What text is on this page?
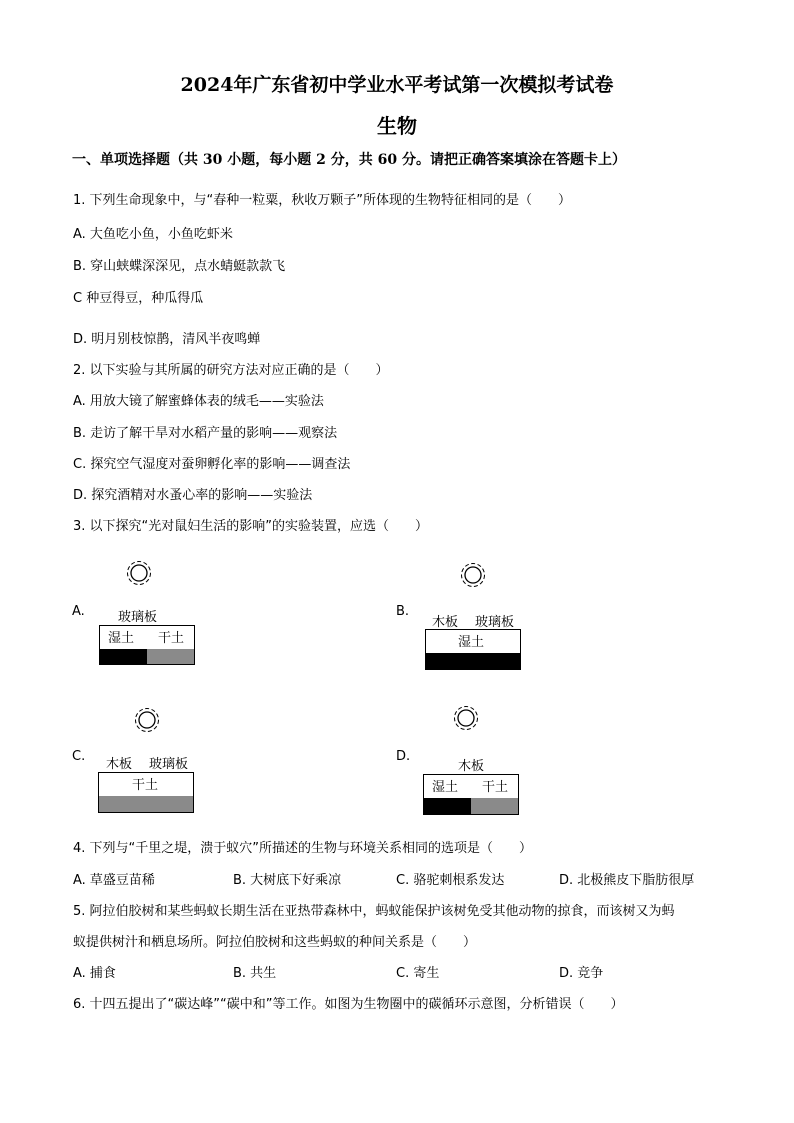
2024年广东省初中学业水平考试第一次模拟考试卷
生物
一、单项选择题（共 30 小题，每小题 2 分，共 60 分。请把正确答案填涂在答题卡上）
1. 下列生命现象中，与“春种一粒粟，秋收万颗子”所体现的生物特征相同的是（　　）
A. 大鱼吃小鱼，小鱼吃虾米
B. 穿山蛱蝶深深见，点水蜻蜓款款飞
C 种豆得豆，种瓜得瓜
D. 明月别枝惊鹊，清风半夜鸣蝉
2. 以下实验与其所属的研究方法对应正确的是（　　）
A. 用放大镜了解蜜蜂体表的绒毛——实验法
B. 走访了解干旱对水稻产量的影响——观察法
C. 探究空气湿度对蚕卵孵化率的影响——调查法
D. 探究酒精对水蚤心率的影响——实验法
3. 以下探究“光对鼠妇生活的影响”的实验装置，应选（　　）
A.	玻璃板
湿土 干土
B.
木板 玻璃板
湿土
C.
木板 玻璃板
干土
D.
木板
湿土 干土
4. 下列与“千里之堤，溃于蚁穴”所描述的生物与环境关系相同的选项是（　　）
A. 草盛豆苗稀	B. 大树底下好乘凉	C. 骆驼刺根系发达	D. 北极熊皮下脂肪很厚
5. 阿拉伯胶树和某些蚂蚁长期生活在亚热带森林中，蚂蚁能保护该树免受其他动物的掠食，而该树又为蚂
蚁提供树汁和栖息场所。阿拉伯胶树和这些蚂蚁的种间关系是（　　）
A. 捕食	B. 共生	C. 寄生	D. 竞争
6. 十四五提出了“碳达峰”“碳中和”等工作。如图为生物圈中的碳循环示意图，分析错误（　　）
